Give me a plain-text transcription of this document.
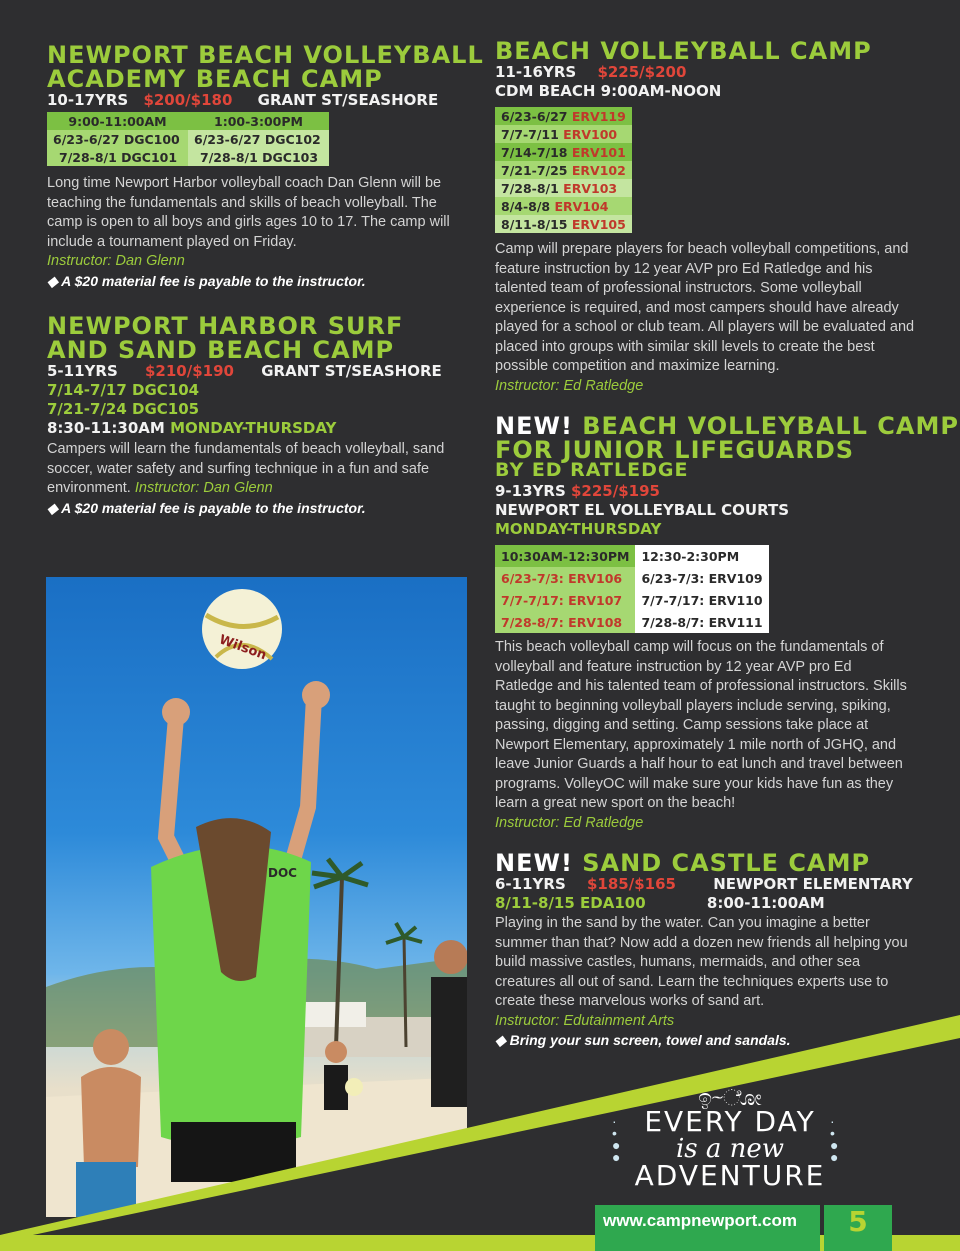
NEWPORT BEACH VOLLEYBALL
ACADEMY BEACH CAMP
10-17YRS $200/$180 GRANT ST/SEASHORE
9:00-11:00AM	1:00-3:00PM
6/23-6/27 DGC100	6/23-6/27 DGC102
7/28-8/1 DGC101	7/28-8/1 DGC103
Long time Newport Harbor volleyball coach Dan Glenn will be teaching the fundamentals and skills of beach volleyball. The camp is open to all boys and girls ages 10 to 17. The camp will include a tournament played on Friday.
Instructor: Dan Glenn
◆ A $20 material fee is payable to the instructor.
NEWPORT HARBOR SURF
AND SAND BEACH CAMP
5-11YRS $210/$190 GRANT ST/SEASHORE
7/14-7/17 DGC104
7/21-7/24 DGC105
8:30-11:30AM MONDAY-THURSDAY
Campers will learn the fundamentals of beach volleyball, sand soccer, water safety and surfing technique in a fun and safe environment. Instructor: Dan Glenn
◆ A $20 material fee is payable to the instructor.
Wilson
DOC
BEACH VOLLEYBALL CAMP
11-16YRS $225/$200
CDM BEACH 9:00AM-NOON
6/23-6/27 ERV119
7/7-7/11 ERV100
7/14-7/18 ERV101
7/21-7/25 ERV102
7/28-8/1 ERV103
8/4-8/8 ERV104
8/11-8/15 ERV105
Camp will prepare players for beach volleyball competitions, and feature instruction by 12 year AVP pro Ed Ratledge and his talented team of professional instructors. Some volleyball experience is required, and most campers should have already played for a school or club team. All players will be evaluated and placed into groups with similar skill levels to create the best possible competition and maximize learning.
Instructor: Ed Ratledge
NEW! BEACH VOLLEYBALL CAMP
FOR JUNIOR LIFEGUARDS
BY ED RATLEDGE
9-13YRS $225/$195
NEWPORT EL VOLLEYBALL COURTS
MONDAY-THURSDAY
10:30AM-12:30PM	12:30-2:30PM
6/23-7/3: ERV106	6/23-7/3: ERV109
7/7-7/17: ERV107	7/7-7/17: ERV110
7/28-8/7: ERV108	7/28-8/7: ERV111
This beach volleyball camp will focus on the fundamentals of volleyball and feature instruction by 12 year AVP pro Ed Ratledge and his talented team of professional instructors. Skills taught to beginning volleyball players include serving, spiking, passing, digging and setting. Camp sessions take place at Newport Elementary, approximately 1 mile north of JGHQ, and leave Junior Guards a half hour to eat lunch and travel between programs. VolleyOC will make sure your kids have fun as they learn a great new sport on the beach!
Instructor: Ed Ratledge
NEW! SAND CASTLE CAMP
6-11YRS $185/$165 NEWPORT ELEMENTARY
8/11-8/15 EDA100	8:00-11:00AM
Playing in the sand by the water. Can you imagine a better summer than that? Now add a dozen new friends all helping you build massive castles, humans, mermaids, and other sea creatures all out of sand. Learn the techniques experts use to create these marvelous works of sand art.
Instructor: Edutainment Arts
◆ Bring your sun screen, towel and sandals.
ඉ⁓ೋ
EVERY DAY
is a new
ADVENTURE
·
•
●
●
·
•
●
●
www.campnewport.com	5
